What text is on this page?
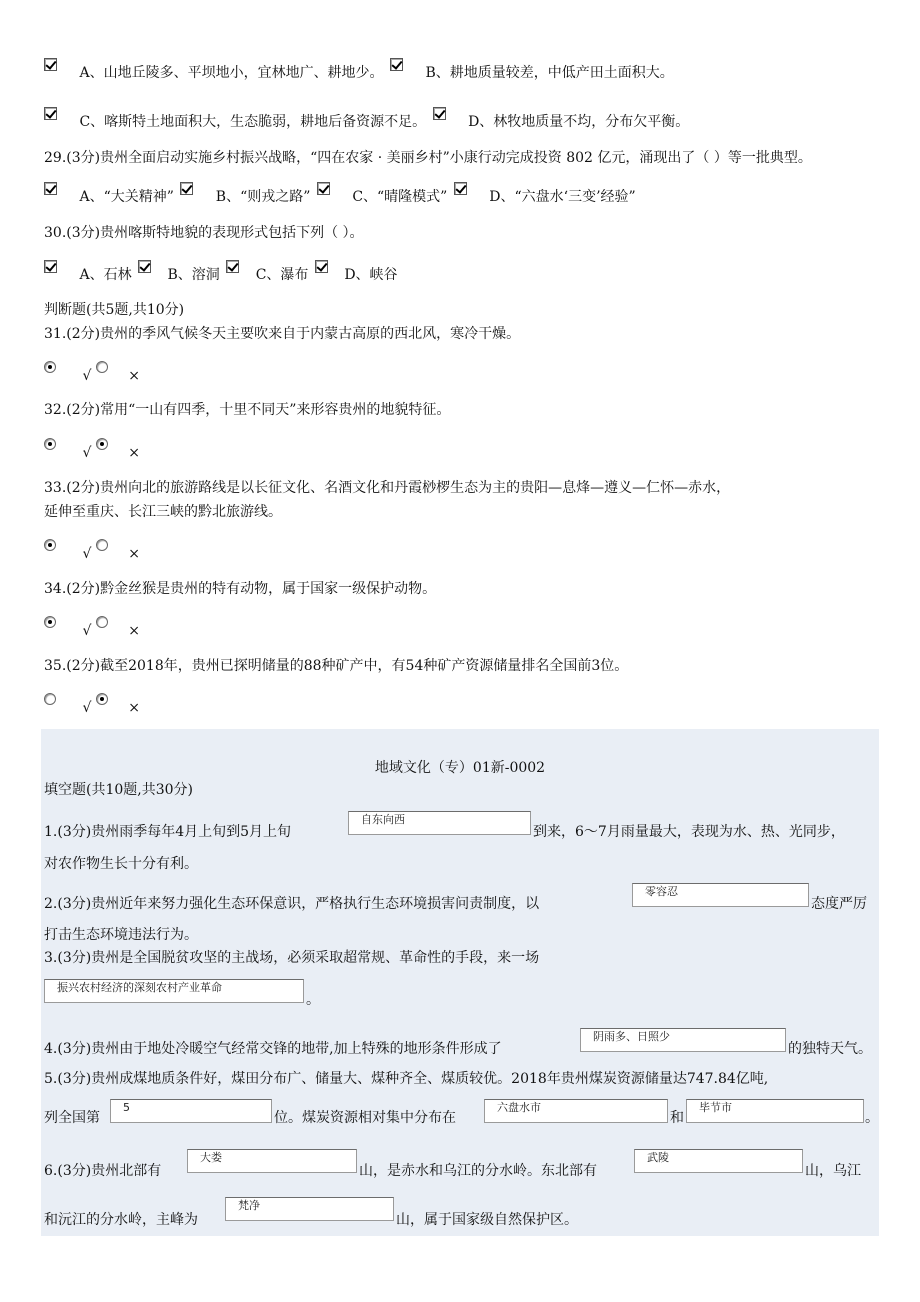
A、山地丘陵多、平坝地小，宜林地广、耕地少。	B、耕地质量较差，中低产田土面积大。
C、喀斯特土地面积大，生态脆弱，耕地后备资源不足。	D、林牧地质量不均，分布欠平衡。
29.(3分)贵州全面启动实施乡村振兴战略，“四在农家 · 美丽乡村”小康行动完成投资 802 亿元，涌现出了（ ）等一批典型。
A、“大关精神”	B、“则戎之路”	C、“晴隆模式”	D、“六盘水‘三变’经验”
30.(3分)贵州喀斯特地貌的表现形式包括下列（ ）。
A、石林	B、溶洞	C、瀑布	D、峡谷
判断题(共5题,共10分)
31.(2分)贵州的季风气候冬天主要吹来自于内蒙古高原的西北风，寒冷干燥。
√	×
32.(2分)常用“一山有四季，十里不同天”来形容贵州的地貌特征。
√	×
33.(2分)贵州向北的旅游路线是以长征文化、名酒文化和丹霞桫椤生态为主的贵阳—息烽—遵义—仁怀—赤水，
延伸至重庆、长江三峡的黔北旅游线。
√	×
34.(2分)黔金丝猴是贵州的特有动物，属于国家一级保护动物。
√	×
35.(2分)截至2018年，贵州已探明储量的88种矿产中，有54种矿产资源储量排名全国前3位。
√	×
地域文化（专）01新-0002
填空题(共10题,共30分)
1.(3分)贵州雨季每年4月上旬到5月上旬
自东向西
到来，6～7月雨量最大，表现为水、热、光同步，
对农作物生长十分有利。
2.(3分)贵州近年来努力强化生态环保意识，严格执行生态环境损害问责制度，以
零容忍
态度严厉
打击生态环境违法行为。
3.(3分)贵州是全国脱贫攻坚的主战场，必须采取超常规、革命性的手段，来一场
振兴农村经济的深刻农村产业革命
。
4.(3分)贵州由于地处冷暖空气经常交锋的地带,加上特殊的地形条件形成了
阴雨多、日照少
的独特天气。
5.(3分)贵州成煤地质条件好，煤田分布广、储量大、煤种齐全、煤质较优。2018年贵州煤炭资源储量达747.84亿吨,
列全国第
5
位。煤炭资源相对集中分布在
六盘水市
和
毕节市
。
6.(3分)贵州北部有
大娄
山，是赤水和乌江的分水岭。东北部有
武陵
山，乌江
和沅江的分水岭，主峰为
梵净
山，属于国家级自然保护区。
